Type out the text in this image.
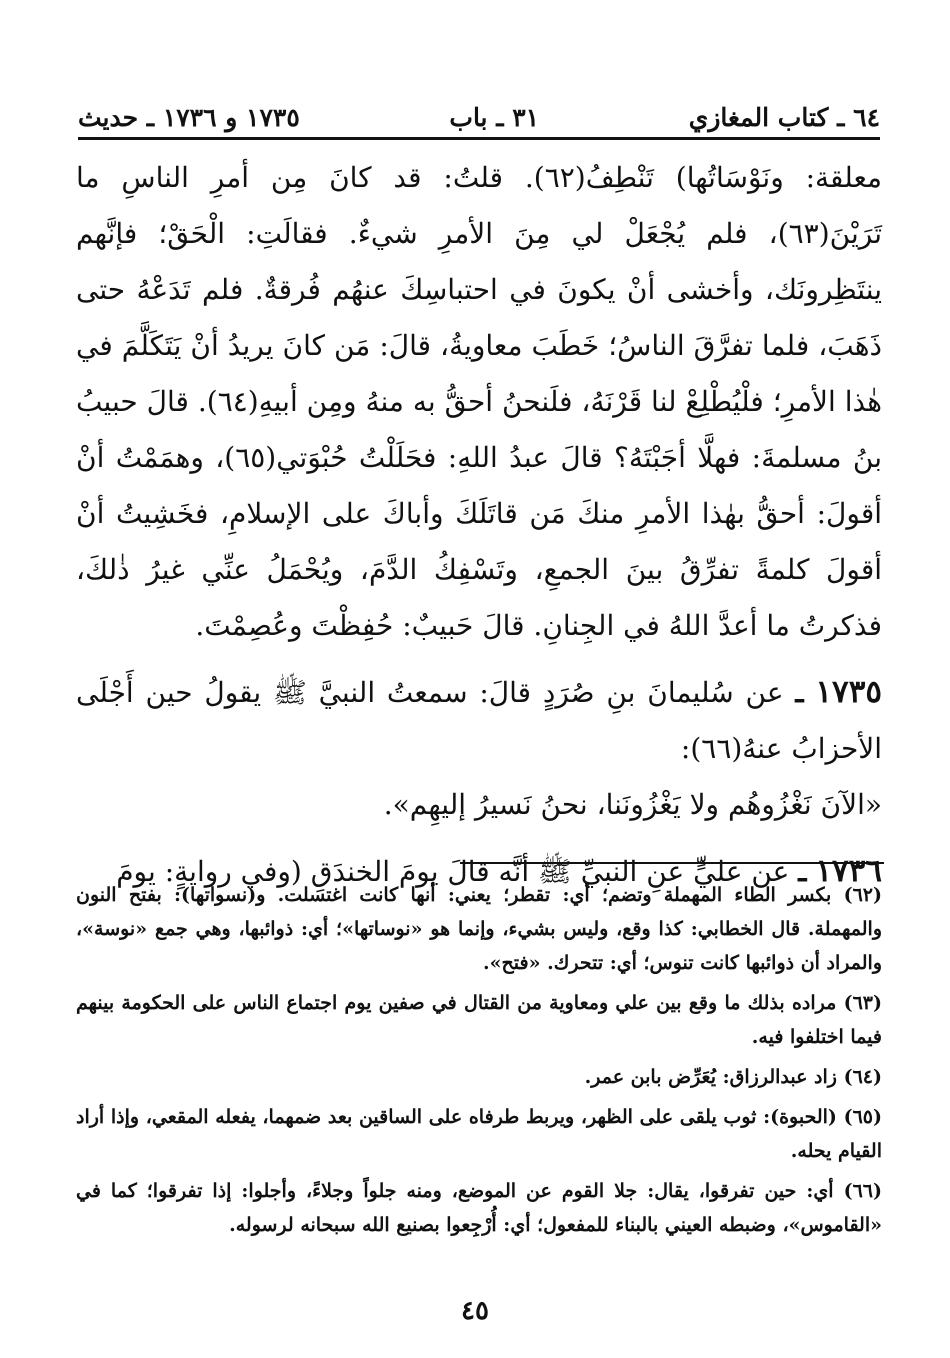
٦٤ ـ كتاب المغازي
٣١ ـ باب
١٧٣٥ و ١٧٣٦ ـ حديث

معلقة: ونَوْسَاتُها) تَنْطِفُ(٦٢). قلتُ: قد كانَ مِن أمرِ الناسِ ما تَرَيْنَ(٦٣)، فلم يُجْعَلْ لي مِنَ الأمرِ شيءٌ. فقالَتِ: الْحَقْ؛ فإنَّهم ينتَظِرونَك، وأخشى أنْ يكونَ في احتباسِكَ عنهُم فُرقةٌ. فلم تَدَعْهُ حتى ذَهَبَ، فلما تفرَّقَ الناسُ؛ خَطَبَ معاويةُ، قالَ: مَن كانَ يريدُ أنْ يَتَكَلَّمَ في هٰذا الأمرِ؛ فلْيُطْلِعْ لنا قَرْنَهُ، فلَنحنُ أحقُّ به منهُ ومِن أبيهِ(٦٤). قالَ حبيبُ بنُ مسلمةَ: فهلَّا أجَبْتَهُ؟ قالَ عبدُ اللهِ: فحَلَلْتُ حُبْوَتي(٦٥)، وهمَمْتُ أنْ أقولَ: أحقُّ بهٰذا الأمرِ منكَ مَن قاتَلَكَ وأباكَ على الإسلامِ، فخَشِيتُ أنْ أقولَ كلمةً تفرِّقُ بينَ الجمعِ، وتَسْفِكُ الدَّمَ، ويُحْمَلُ عنِّي غيرُ ذٰلكَ، فذكرتُ ما أعدَّ اللهُ في الجِنانِ. قالَ حَبيبٌ: حُفِظْتَ وعُصِمْتَ.

١٧٣٥ ـ عن سُليمانَ بنِ صُرَدٍ قالَ: سمعتُ النبيَّ ﷺ يقولُ حين أَجْلَى الأحزابُ عنهُ(٦٦):

«الآنَ نَغْزُوهُم ولا يَغْزُونَنا، نحنُ نَسيرُ إليهِم».

١٧٣٦ ـ عن عليٍّ عنِ النبيِّ ﷺ أنَّه قالَ يومَ الخندَقِ (وفي روايةٍ: يومَ

(٦٢) بكسر الطاء المهملة وتضم؛ أي: تقطر؛ يعني: أنها كانت اغتسلت. و(نسواتها): بفتح النون والمهملة. قال الخطابي: كذا وقع، وليس بشيء، وإنما هو «نوساتها»؛ أي: ذوائبها، وهي جمع «نوسة»، والمراد أن ذوائبها كانت تنوس؛ أي: تتحرك. «فتح».

(٦٣) مراده بذلك ما وقع بين علي ومعاوية من القتال في صفين يوم اجتماع الناس على الحكومة بينهم فيما اختلفوا فيه.

(٦٤) زاد عبدالرزاق: يُعَرِّض بابن عمر.

(٦٥) (الحبوة): ثوب يلقى على الظهر، ويربط طرفاه على الساقين بعد ضمهما، يفعله المقعي، وإذا أراد القيام يحله.

(٦٦) أي: حين تفرقوا، يقال: جلا القوم عن الموضع، ومنه جلواً وجلاءً، وأجلوا: إذا تفرقوا؛ كما في «القاموس»، وضبطه العيني بالبناء للمفعول؛ أي: أُرْجِعوا بصنيع الله سبحانه لرسوله.

٤٥
